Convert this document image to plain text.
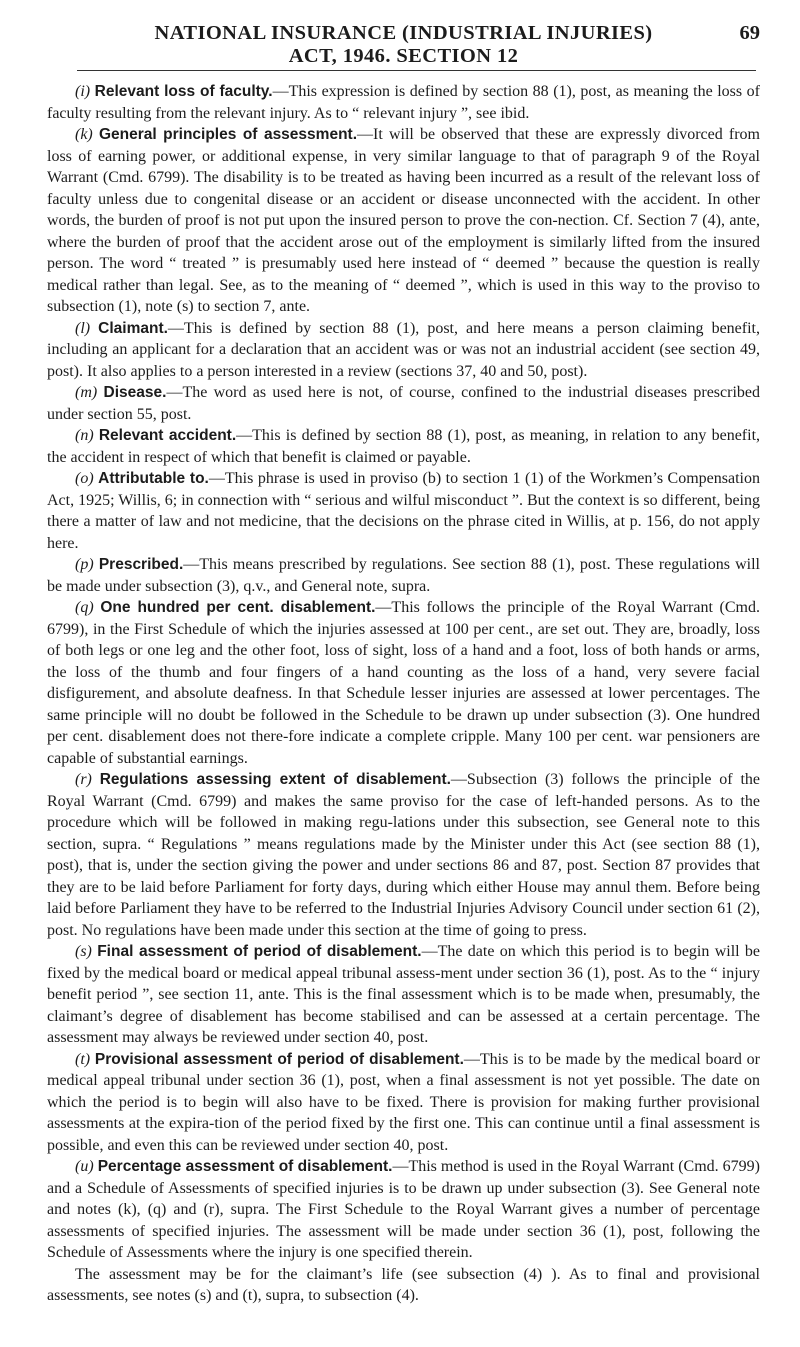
NATIONAL INSURANCE (INDUSTRIAL INJURIES)
ACT, 1946. SECTION 12
69

(i) Relevant loss of faculty.—This expression is defined by section 88 (1), post, as meaning the loss of faculty resulting from the relevant injury. As to “ relevant injury ”, see ibid.

(k) General principles of assessment.—It will be observed that these are expressly divorced from loss of earning power, or additional expense, in very similar language to that of paragraph 9 of the Royal Warrant (Cmd. 6799). The disability is to be treated as having been incurred as a result of the relevant loss of faculty unless due to congenital disease or an accident or disease unconnected with the accident. In other words, the burden of proof is not put upon the insured person to prove the con-nection. Cf. Section 7 (4), ante, where the burden of proof that the accident arose out of the employment is similarly lifted from the insured person. The word “ treated ” is presumably used here instead of “ deemed ” because the question is really medical rather than legal. See, as to the meaning of “ deemed ”, which is used in this way to the proviso to subsection (1), note (s) to section 7, ante.

(l) Claimant.—This is defined by section 88 (1), post, and here means a person claiming benefit, including an applicant for a declaration that an accident was or was not an industrial accident (see section 49, post). It also applies to a person interested in a review (sections 37, 40 and 50, post).

(m) Disease.—The word as used here is not, of course, confined to the industrial diseases prescribed under section 55, post.

(n) Relevant accident.—This is defined by section 88 (1), post, as meaning, in relation to any benefit, the accident in respect of which that benefit is claimed or payable.

(o) Attributable to.—This phrase is used in proviso (b) to section 1 (1) of the Workmen’s Compensation Act, 1925; Willis, 6; in connection with “ serious and wilful misconduct ”. But the context is so different, being there a matter of law and not medicine, that the decisions on the phrase cited in Willis, at p. 156, do not apply here.

(p) Prescribed.—This means prescribed by regulations. See section 88 (1), post. These regulations will be made under subsection (3), q.v., and General note, supra.

(q) One hundred per cent. disablement.—This follows the principle of the Royal Warrant (Cmd. 6799), in the First Schedule of which the injuries assessed at 100 per cent., are set out. They are, broadly, loss of both legs or one leg and the other foot, loss of sight, loss of a hand and a foot, loss of both hands or arms, the loss of the thumb and four fingers of a hand counting as the loss of a hand, very severe facial disfigurement, and absolute deafness. In that Schedule lesser injuries are assessed at lower percentages. The same principle will no doubt be followed in the Schedule to be drawn up under subsection (3). One hundred per cent. disablement does not there-fore indicate a complete cripple. Many 100 per cent. war pensioners are capable of substantial earnings.

(r) Regulations assessing extent of disablement.—Subsection (3) follows the principle of the Royal Warrant (Cmd. 6799) and makes the same proviso for the case of left-handed persons. As to the procedure which will be followed in making regu-lations under this subsection, see General note to this section, supra. “ Regulations ” means regulations made by the Minister under this Act (see section 88 (1), post), that is, under the section giving the power and under sections 86 and 87, post. Section 87 provides that they are to be laid before Parliament for forty days, during which either House may annul them. Before being laid before Parliament they have to be referred to the Industrial Injuries Advisory Council under section 61 (2), post. No regulations have been made under this section at the time of going to press.

(s) Final assessment of period of disablement.—The date on which this period is to begin will be fixed by the medical board or medical appeal tribunal assess-ment under section 36 (1), post. As to the “ injury benefit period ”, see section 11, ante. This is the final assessment which is to be made when, presumably, the claimant’s degree of disablement has become stabilised and can be assessed at a certain percentage. The assessment may always be reviewed under section 40, post.

(t) Provisional assessment of period of disablement.—This is to be made by the medical board or medical appeal tribunal under section 36 (1), post, when a final assessment is not yet possible. The date on which the period is to begin will also have to be fixed. There is provision for making further provisional assessments at the expira-tion of the period fixed by the first one. This can continue until a final assessment is possible, and even this can be reviewed under section 40, post.

(u) Percentage assessment of disablement.—This method is used in the Royal Warrant (Cmd. 6799) and a Schedule of Assessments of specified injuries is to be drawn up under subsection (3). See General note and notes (k), (q) and (r), supra. The First Schedule to the Royal Warrant gives a number of percentage assessments of specified injuries. The assessment will be made under section 36 (1), post, following the Schedule of Assessments where the injury is one specified therein.

The assessment may be for the claimant’s life (see subsection (4) ). As to final and provisional assessments, see notes (s) and (t), supra, to subsection (4).
